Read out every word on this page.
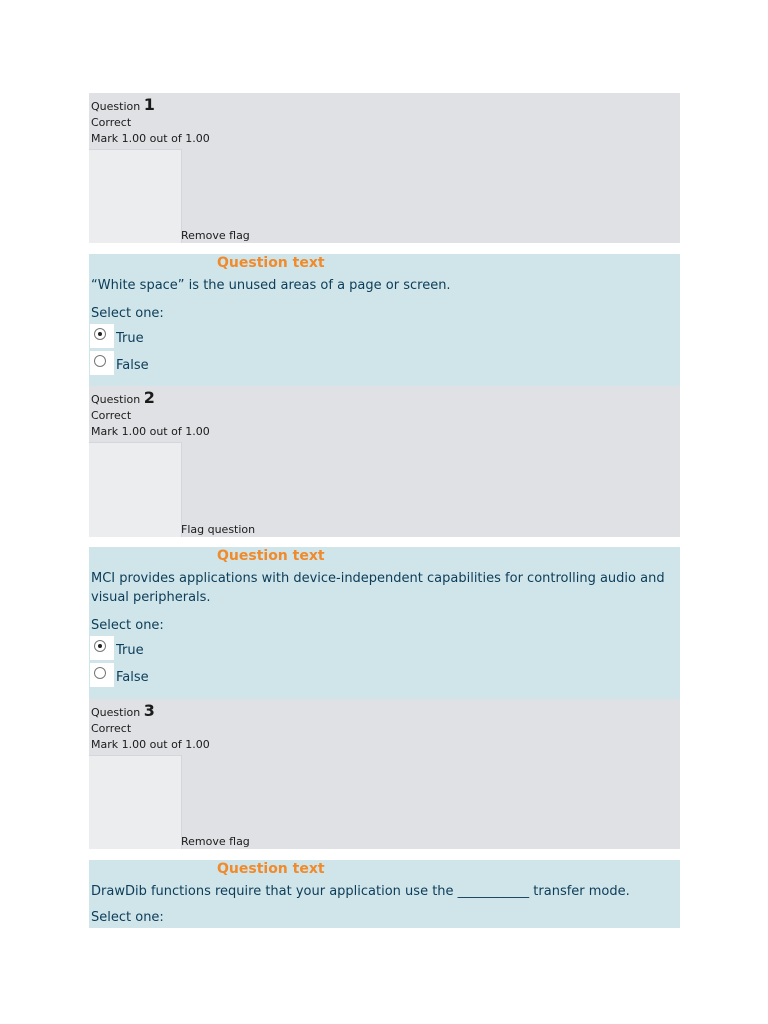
Question 1
Correct
Mark 1.00 out of 1.00
Remove flag
Question text
“White space” is the unused areas of a page or screen.
Select one:
True
False
Question 2
Correct
Mark 1.00 out of 1.00
Flag question
Question text
MCI provides applications with device-independent capabilities for controlling audio and visual peripherals.
Select one:
True
False
Question 3
Correct
Mark 1.00 out of 1.00
Remove flag
Question text
DrawDib functions require that your application use the ___________ transfer mode.
Select one:
